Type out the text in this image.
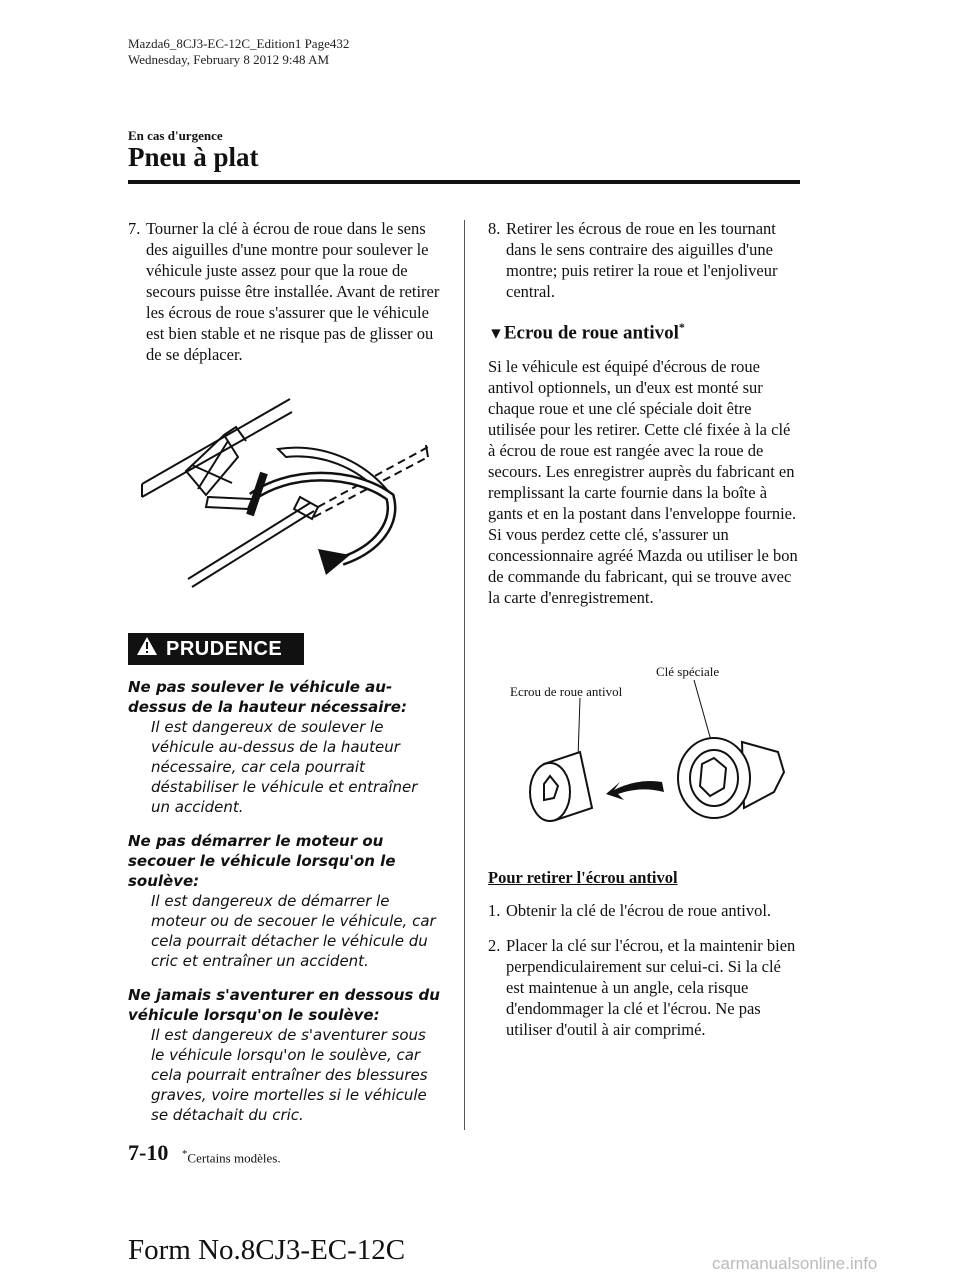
Mazda6_8CJ3-EC-12C_Edition1 Page432
Wednesday, February 8 2012 9:48 AM
En cas d'urgence
Pneu à plat

7. Tourner la clé à écrou de roue dans le sens des aiguilles d'une montre pour soulever le véhicule juste assez pour que la roue de secours puisse être installée. Avant de retirer les écrous de roue s'assurer que le véhicule est bien stable et ne risque pas de glisser ou de se déplacer.

PRUDENCE

Ne pas soulever le véhicule au-dessus de la hauteur nécessaire:

Il est dangereux de soulever le véhicule au-dessus de la hauteur nécessaire, car cela pourrait déstabiliser le véhicule et entraîner un accident.

Ne pas démarrer le moteur ou secouer le véhicule lorsqu'on le soulève:

Il est dangereux de démarrer le moteur ou de secouer le véhicule, car cela pourrait détacher le véhicule du cric et entraîner un accident.

Ne jamais s'aventurer en dessous du véhicule lorsqu'on le soulève:

Il est dangereux de s'aventurer sous le véhicule lorsqu'on le soulève, car cela pourrait entraîner des blessures graves, voire mortelles si le véhicule se détachait du cric.

8. Retirer les écrous de roue en les tournant dans le sens contraire des aiguilles d'une montre; puis retirer la roue et l'enjoliveur central.

▼Ecrou de roue antivol*

Si le véhicule est équipé d'écrous de roue antivol optionnels, un d'eux est monté sur chaque roue et une clé spéciale doit être utilisée pour les retirer. Cette clé fixée à la clé à écrou de roue est rangée avec la roue de secours. Les enregistrer auprès du fabricant en remplissant la carte fournie dans la boîte à gants et en la postant dans l'enveloppe fournie. Si vous perdez cette clé, s'assurer un concessionnaire agréé Mazda ou utiliser le bon de commande du fabricant, qui se trouve avec la carte d'enregistrement.

Clé spéciale
Ecrou de roue antivol
Pour retirer l'écrou antivol

1. Obtenir la clé de l'écrou de roue antivol.

2. Placer la clé sur l'écrou, et la maintenir bien perpendiculairement sur celui-ci. Si la clé est maintenue à un angle, cela risque d'endommager la clé et l'écrou. Ne pas utiliser d'outil à air comprimé.

7-10 *Certains modèles.
Form No.8CJ3-EC-12C	carmanualsonline.info
